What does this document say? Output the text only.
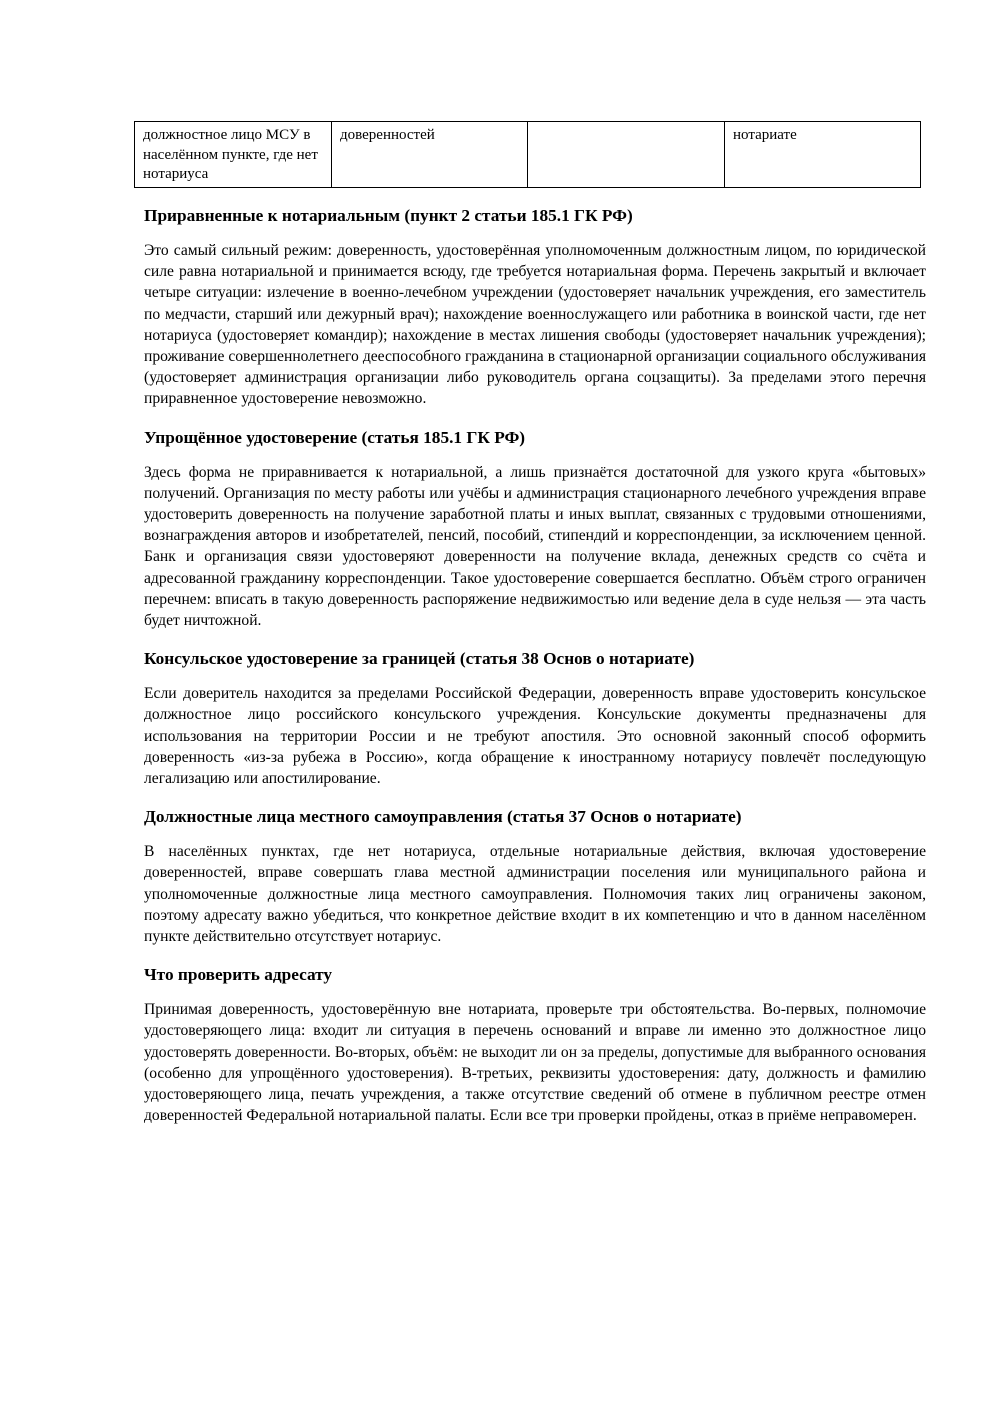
должностное лицо МСУ в населённом пункте, где нет нотариуса	доверенностей		нотариате
Приравненные к нотариальным (пункт 2 статьи 185.1 ГК РФ)

Это самый сильный режим: доверенность, удостоверённая уполномоченным должностным лицом, по юридической силе равна нотариальной и принимается всюду, где требуется нотариальная форма. Перечень закрытый и включает четыре ситуации: излечение в военно-лечебном учреждении (удостоверяет начальник учреждения, его заместитель по медчасти, старший или дежурный врач); нахождение военнослужащего или работника в воинской части, где нет нотариуса (удостоверяет командир); нахождение в местах лишения свободы (удостоверяет начальник учреждения); проживание совершеннолетнего дееспособного гражданина в стационарной организации социального обслуживания (удостоверяет администрация организации либо руководитель органа соцзащиты). За пределами этого перечня приравненное удостоверение невозможно.

Упрощённое удостоверение (статья 185.1 ГК РФ)

Здесь форма не приравнивается к нотариальной, а лишь признаётся достаточной для узкого круга «бытовых» получений. Организация по месту работы или учёбы и администрация стационарного лечебного учреждения вправе удостоверить доверенность на получение заработной платы и иных выплат, связанных с трудовыми отношениями, вознаграждения авторов и изобретателей, пенсий, пособий, стипендий и корреспонденции, за исключением ценной. Банк и организация связи удостоверяют доверенности на получение вклада, денежных средств со счёта и адресованной гражданину корреспонденции. Такое удостоверение совершается бесплатно. Объём строго ограничен перечнем: вписать в такую доверенность распоряжение недвижимостью или ведение дела в суде нельзя — эта часть будет ничтожной.

Консульское удостоверение за границей (статья 38 Основ о нотариате)

Если доверитель находится за пределами Российской Федерации, доверенность вправе удостоверить консульское должностное лицо российского консульского учреждения. Консульские документы предназначены для использования на территории России и не требуют апостиля. Это основной законный способ оформить доверенность «из-за рубежа в Россию», когда обращение к иностранному нотариусу повлечёт последующую легализацию или апостилирование.

Должностные лица местного самоуправления (статья 37 Основ о нотариате)

В населённых пунктах, где нет нотариуса, отдельные нотариальные действия, включая удостоверение доверенностей, вправе совершать глава местной администрации поселения или муниципального района и уполномоченные должностные лица местного самоуправления. Полномочия таких лиц ограничены законом, поэтому адресату важно убедиться, что конкретное действие входит в их компетенцию и что в данном населённом пункте действительно отсутствует нотариус.

Что проверить адресату

Принимая доверенность, удостоверённую вне нотариата, проверьте три обстоятельства. Во-первых, полномочие удостоверяющего лица: входит ли ситуация в перечень оснований и вправе ли именно это должностное лицо удостоверять доверенности. Во-вторых, объём: не выходит ли он за пределы, допустимые для выбранного основания (особенно для упрощённого удостоверения). В-третьих, реквизиты удостоверения: дату, должность и фамилию удостоверяющего лица, печать учреждения, а также отсутствие сведений об отмене в публичном реестре отмен доверенностей Федеральной нотариальной палаты. Если все три проверки пройдены, отказ в приёме неправомерен.
